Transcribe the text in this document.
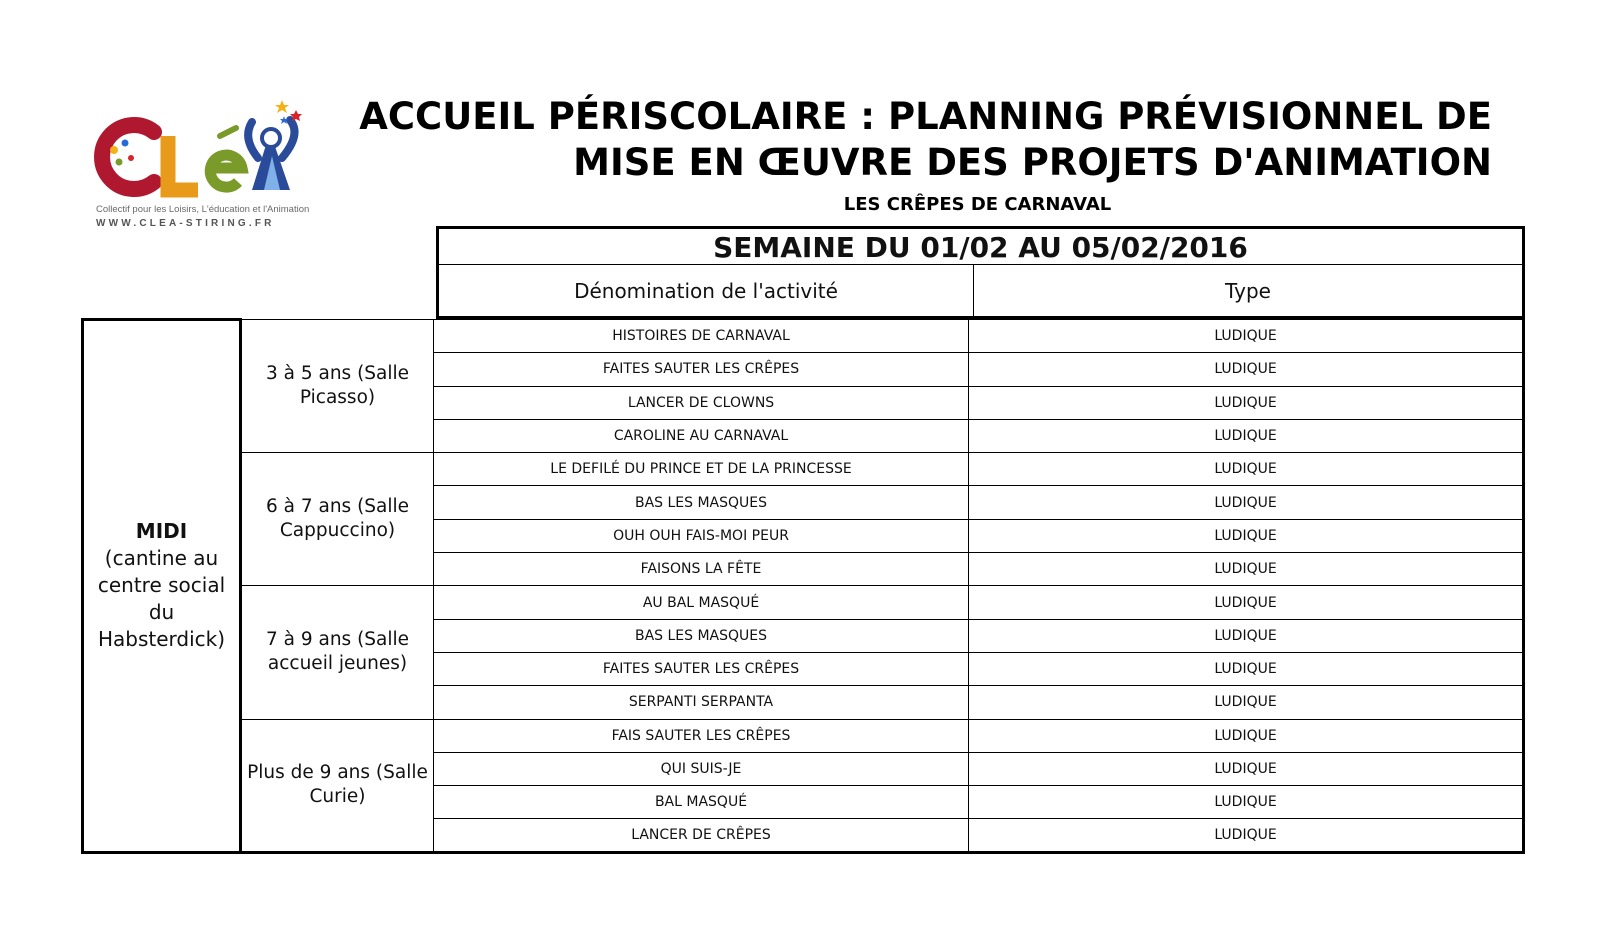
Collectif pour les Loisirs, L'éducation et l'Animation
WWW.CLEA-STIRING.FR
ACCUEIL PÉRISCOLAIRE : PLANNING PRÉVISIONNEL DE
MISE EN ŒUVRE DES PROJETS D'ANIMATION
LES CRÊPES DE CARNAVAL
SEMAINE DU 01/02 AU 05/02/2016
Dénomination de l'activité	Type
MIDI
(cantine au centre social du Habsterdick)	3 à 5 ans (Salle Picasso)	HISTOIRES DE CARNAVAL	LUDIQUE
		FAITES SAUTER LES CRÊPES	LUDIQUE
		LANCER DE CLOWNS	LUDIQUE
		CAROLINE AU CARNAVAL	LUDIQUE
	6 à 7 ans (Salle Cappuccino)	LE DEFILÉ DU PRINCE ET DE LA PRINCESSE	LUDIQUE
		BAS LES MASQUES	LUDIQUE
		OUH OUH FAIS-MOI PEUR	LUDIQUE
		FAISONS LA FÊTE	LUDIQUE
	7 à 9 ans (Salle accueil jeunes)	AU BAL MASQUÉ	LUDIQUE
		BAS LES MASQUES	LUDIQUE
		FAITES SAUTER LES CRÊPES	LUDIQUE
		SERPANTI SERPANTA	LUDIQUE
	Plus de 9 ans (Salle Curie)	FAIS SAUTER LES CRÊPES	LUDIQUE
		QUI SUIS-JE	LUDIQUE
		BAL MASQUÉ	LUDIQUE
		LANCER DE CRÊPES	LUDIQUE
